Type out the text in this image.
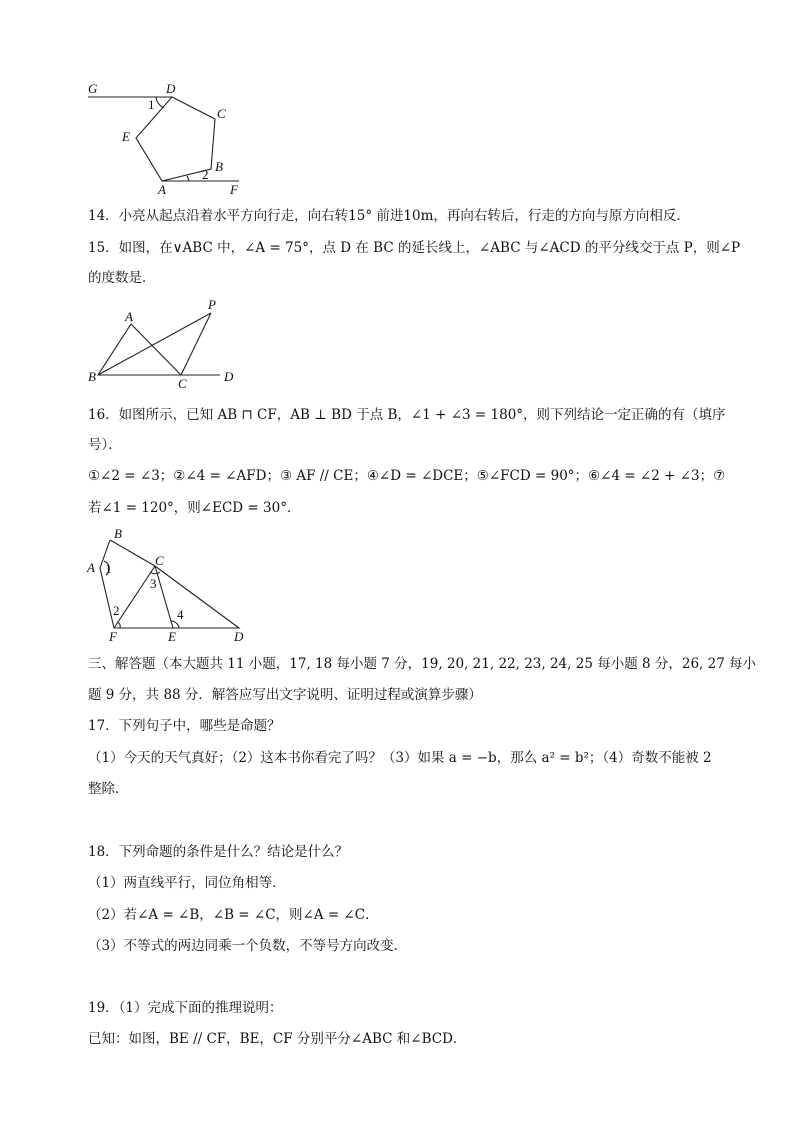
G	D
C
E
B
A	F
1
2
14．小亮从起点沿着水平方向行走，向右转15° 前进10m，再向右转后，行走的方向与原方向相反．
15．如图，在∨ABC 中，∠A = 75°，点 D 在 BC 的延长线上，∠ABC 与∠ACD 的平分线交于点 P，则∠P
的度数是．
A
P
B	C	D
16．如图所示，已知 AB ⊓ CF，AB ⊥ BD 于点 B，∠1 + ∠3 = 180°，则下列结论一定正确的有（填序
号）．
①∠2 = ∠3；②∠4 = ∠AFD；③ AF // CE；④∠D = ∠DCE；⑤∠FCD = 90°；⑥∠4 = ∠2 + ∠3；⑦
若∠1 = 120°，则∠ECD = 30°．
B
A	C
1
3
2	4
F	E	D
三、解答题（本大题共 11 小题，17, 18 每小题 7 分，19, 20, 21, 22, 23, 24, 25 每小题 8 分，26, 27 每小
题 9 分，共 88 分．解答应写出文字说明、证明过程或演算步骤）
17．下列句子中，哪些是命题？
（1）今天的天气真好；（2）这本书你看完了吗？（3）如果 a = −b，那么 a² = b²；（4）奇数不能被 2
整除．
18．下列命题的条件是什么？结论是什么？
（1）两直线平行，同位角相等．
（2）若∠A = ∠B，∠B = ∠C，则∠A = ∠C．
（3）不等式的两边同乘一个负数，不等号方向改变．
19．（1）完成下面的推理说明：
已知：如图，BE // CF，BE，CF 分别平分∠ABC 和∠BCD．
